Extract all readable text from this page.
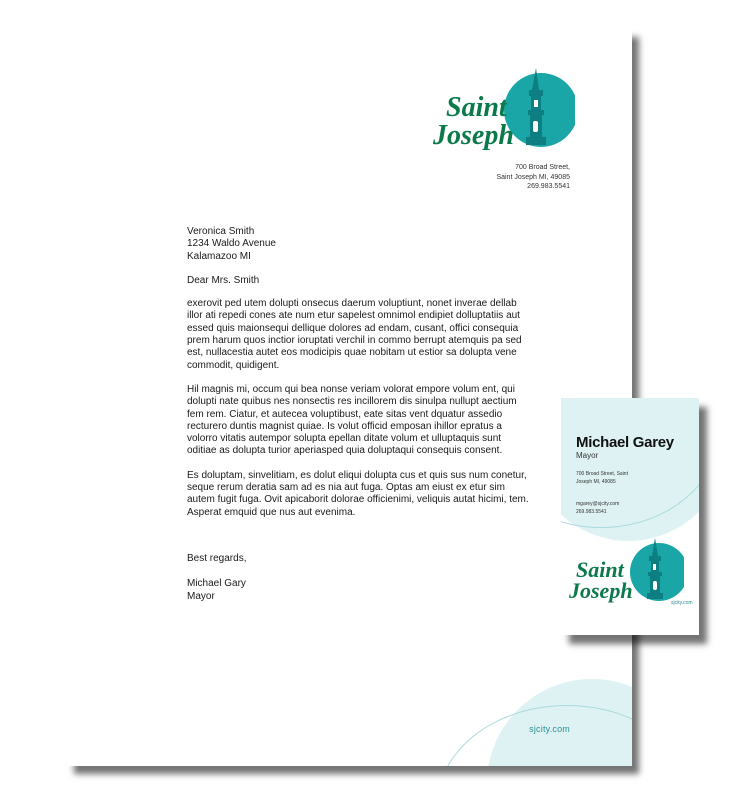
Saint
Joseph
700 Broad Street,
Saint Joseph MI, 49085
269.983.5541
Veronica Smith
1234 Waldo Avenue
Kalamazoo MI
Dear Mrs. Smith

exerovit ped utem dolupti onsecus daerum voluptiunt, nonet inverae dellab illor ati repedi cones ate num etur sapelest omnimol endipiet dolluptatiis aut essed quis maionsequi dellique dolores ad endam, cusant, offici consequia prem harum quos inctior ioruptati verchil in commo berrupt atemquis pa sed est, nullacestia autet eos modicipis quae nobitam ut estior sa dolupta vene commodit, quidigent.

Hil magnis mi, occum qui bea nonse veriam volorat empore volum ent, qui dolupti nate quibus nes nonsectis res incillorem dis sinulpa nullupt aectium fem rem. Ciatur, et autecea voluptibust, eate sitas vent dquatur assedio recturero duntis magnist quiae. Is volut officid emposan ihillor epratus a volorro vitatis autempor solupta epellan ditate volum et ulluptaquis sunt oditiae as dolupta turior aperiasped quia doluptaqui consequis consent.

Es doluptam, sinvelitiam, es dolut eliqui dolupta cus et quis sus num conetur, seque rerum deratia sam ad es nia aut fuga. Optas am eiust ex etur sim autem fugit fuga. Ovit apicaborit dolorae officienimi, veliquis autat hicimi, tem. Asperat emquid que nus aut evenima.

Best regards,
Michael Gary
Mayor
sjcity.com
Michael Garey
Mayor
700 Broad Street, Saint
Joseph MI, 49085
mgarey@sjcity.com
269.983.5541
Saint
Joseph	sjcity.com
